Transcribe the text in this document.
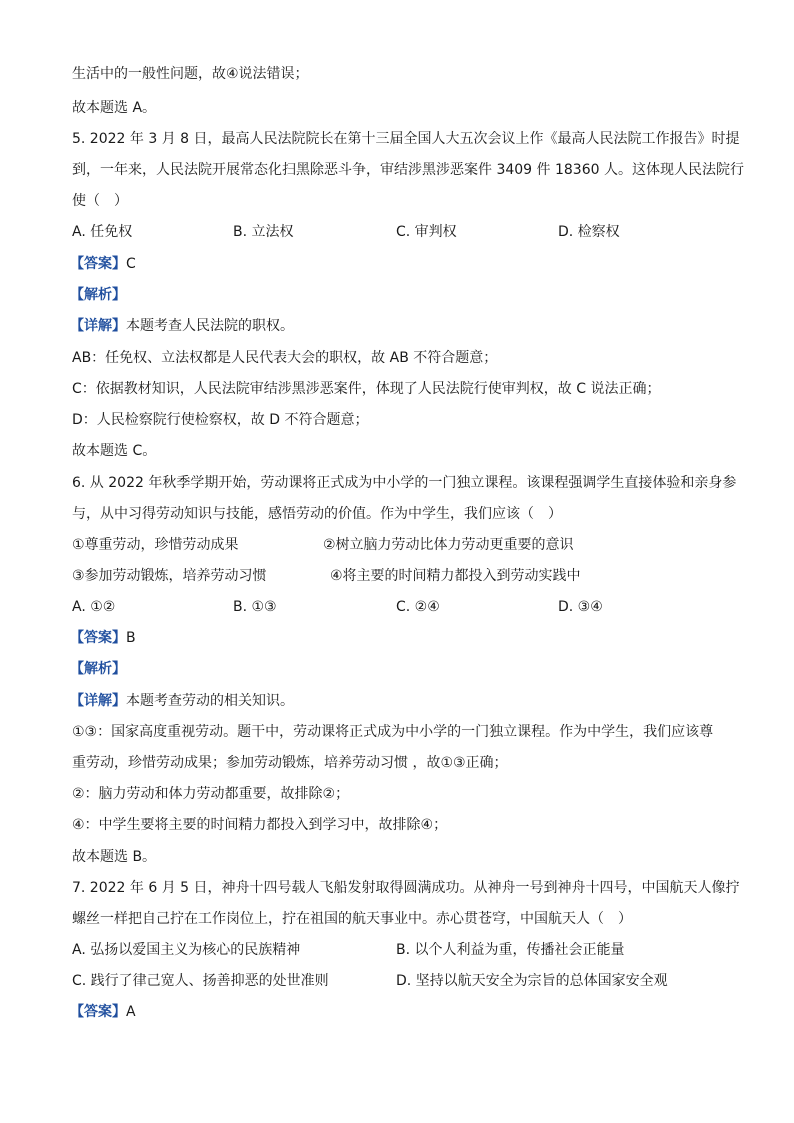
生活中的一般性问题，故④说法错误；
故本题选 A。
5. 2022 年 3 月 8 日，最高人民法院院长在第十三届全国人大五次会议上作《最高人民法院工作报告》时提
到，一年来，人民法院开展常态化扫黑除恶斗争，审结涉黑涉恶案件 3409 件 18360 人。这体现人民法院行
使（　）
A. 任免权	B. 立法权	C. 审判权	D. 检察权
【答案】C
【解析】
【详解】本题考查人民法院的职权。
AB：任免权、立法权都是人民代表大会的职权，故 AB 不符合题意；
C：依据教材知识，人民法院审结涉黑涉恶案件，体现了人民法院行使审判权，故 C 说法正确；
D：人民检察院行使检察权，故 D 不符合题意；
故本题选 C。
6. 从 2022 年秋季学期开始，劳动课将正式成为中小学的一门独立课程。该课程强调学生直接体验和亲身参
与，从中习得劳动知识与技能，感悟劳动的价值。作为中学生，我们应该（　）
①尊重劳动，珍惜劳动成果	②树立脑力劳动比体力劳动更重要的意识
③参加劳动锻炼，培养劳动习惯	④将主要的时间精力都投入到劳动实践中
A. ①②	B. ①③	C. ②④	D. ③④
【答案】B
【解析】
【详解】本题考查劳动的相关知识。
①③：国家高度重视劳动。题干中，劳动课将正式成为中小学的一门独立课程。作为中学生，我们应该尊
重劳动，珍惜劳动成果；参加劳动锻炼，培养劳动习惯 ，故①③正确；
②：脑力劳动和体力劳动都重要，故排除②；
④：中学生要将主要的时间精力都投入到学习中，故排除④；
故本题选 B。
7. 2022 年 6 月 5 日，神舟十四号载人飞船发射取得圆满成功。从神舟一号到神舟十四号，中国航天人像拧
螺丝一样把自己拧在工作岗位上，拧在祖国的航天事业中。赤心贯苍穹，中国航天人（　）
A. 弘扬以爱国主义为核心的民族精神	B. 以个人利益为重，传播社会正能量
C. 践行了律己宽人、扬善抑恶的处世准则	D. 坚持以航天安全为宗旨的总体国家安全观
【答案】A
